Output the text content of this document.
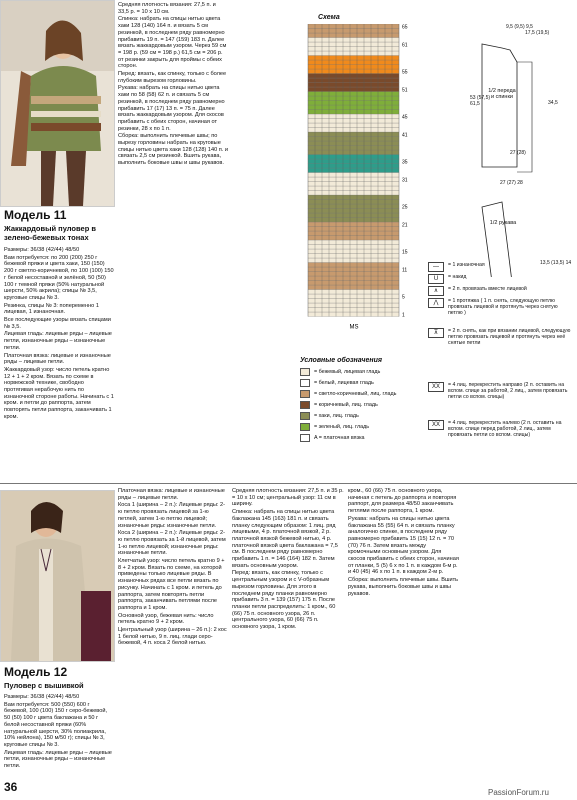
Модель 11
Жаккардовый пуловер в зелено-бежевых тонах

Размеры: 36/38 (42/44) 48/50

Вам потребуется: по 200 (200) 250 г бежевой пряжи и цвета хаки, 150 (150) 200 г светло-коричневой, по 100 (100) 150 г белой несоставной и зелёной, 50 (50) 100 г темной пряжи (50% натуральной шерсти, 50% акрила); спицы № 3,5, круговые спицы № 3.

Резинка, спицы № 3: попеременно 1 лицевая, 1 изнаночная.

Все последующие узоры вязать спицами № 3,5.

Лицевая гладь: лицевые ряды – лицевые петли, изнаночные ряды – изнаночные петли.

Платочная вязка: лицевые и изнаночные ряды – лицевые петли.

Жаккардовый узор: число петель кратно 12 + 1 + 2 кром. Вязать по схеме в норвежской технике, свободно протягивая нерабочую нить по изнаночной стороне работы. Начинать с 1 кром. и петли до раппорта, затем повторять петли раппорта, заканчивать 1 кром.

Средняя плотность вязания: 27,5 п. и 33,5 р. = 10 х 10 см.

Спинка: набрать на спицы нитью цвета хаки 128 (140) 164 п. и вязать 5 см резинкой, в последнем ряду равномерно прибавить 19 п. = 147 (159) 183 п. Далее вязать жаккардовым узором. Через 59 см = 198 р. (59 см = 198 р.) 61,5 см = 206 р. от резинки закрыть для проймы с обеих сторон.

Перед: вязать, как спинку, только с более глубоким вырезом горловины.

Рукава: набрать на спицы нитью цвета хаки по 58 (58) 62 п. и связать 5 см резинкой, в последнем ряду равномерно прибавить 17 (17) 13 п. = 75 п. Далее вязать жаккардовым узором. Для скосов прибавить с обеих сторон, начиная от резинки, 28 х по 1 п.

Сборка: выполнить плечевые швы; по вырезу горловины набрать на круговые спицы нитью цвета хаки 128 (128) 140 п. и связать 2,5 см резинкой. Вшить рукава, выполнить боковые швы и швы рукавов.

Схема
65
61
55
51
45
41
35
31
25
21
15
11
5
1
MS
1/2 переда и спинки
1/2 рукава
9,5 (9,5) 9,5
17,5 (19,5)
53 (57,5) 61,5	34,5
27 (28)
27 (27) 28
13,5 (13,5) 14
Условные обозначения
= бежевый, лицевая гладь
= белый, лицевая гладь
= светло-коричневый, лиц. гладь
= коричневый, лиц. гладь
= хаки, лиц. гладь
= зеленый, лиц. гладь
A = платочная вязка
—	= 1 изнаночная
U	= накид
∧	= 2 п. провязать вместе лицевой
⋀	= 1 протяжка ( 1 п. снять, следующую петлю провязать лицевой и протянуть через снятую петлю )
⊼	= 2 п. снять, как при вязании лицевой, следующую петлю провязать лицевой и протянуть через неё снятые петли
XX	= 4 лиц. перекрестить направо (2 п. оставить на вспом. спице за работой, 2 лиц., затем провязать петли со вспом. спицы)
XX	= 4 лиц. перекрестить налево (2 п. оставить на вспом. спице перед работой, 2 лиц., затем провязать петли со вспом. спицы)
Модель 12
Пуловер с вышивкой

Размеры: 36/38 (42/44) 48/50

Вам потребуется: 500 (550) 600 г бежевой, 100 (100) 150 г серо-бежевой, 50 (50) 100 г цвета баклажана и 50 г белой несоставной пряжи (60% натуральной шерсти, 30% полиакрила, 10% нейлона), 150 м/50 г); спицы № 3, круговые спицы № 3.

Лицевая гладь: лицевые ряды – лицевые петли, изнаночные ряды – изнаночные петли.

Платочная вязка: лицевые и изнаночные ряды – лицевые петли.

Коса 1 (ширина – 2 п.): Лицевые ряды: 2-ю петлю провязать лицевой за 1-ю петлей, затем 1-ю петлю лицевой; изнаночные ряды: изнаночные петли.

Коса 2 (ширина – 2 п.): Лицевые ряды: 2-ю петлю провязать за 1-й лицевой, затем 1-ю петлю лицевой; изнаночные ряды: изнаночные петли.

Клетчатый узор: число петель кратно 9 + 8 + 2 кром. Вязать по схеме, на которой приведены только лицевые ряды. В изнаночных рядах все петли вязать по рисунку. Начинать с 1 кром. и петель до раппорта, затем повторять петли раппорта, заканчивать петлями после раппорта и 1 кром.

Основной узор, бежевая нить: число петель кратно 9 + 2 кром.

Центральный узор (ширина – 26 п.): 2 кос 1 белой нитью, 9 п. лиц. глади серо-бежевой, 4 п. коса 2 белой нитью.

Средняя плотность вязания: 27,5 п. и 35 р. = 10 х 10 см; центральный узор: 11 см в ширину.

Спинка: набрать на спицы нитью цвета баклажана 145 (163) 181 п. и связать планку следующим образом: 1 лиц. ряд лицевыми, 4 р. платочной вязкой, 2 р. платочной вязкой бежевой нитью, 4 р. платочной вязкой цвета баклажана = 7,5 см. В последнем ряду равномерно прибавить 1 п. = 146 (164) 182 п. Затем вязать основным узором.

Перед: вязать, как спинку, только с центральным узором и с V-образным вырезом горловины. Для этого в последнем ряду планки равномерно прибавить 3 п. = 139 (157) 175 п. После планки петли распределить: 1 кром., 60 (66) 75 п. основного узора, 26 п. центрального узора, 60 (66) 75 п. основного узора, 1 кром.

кром., 60 (66) 75 п. основного узора, начиная с петель до раппорта и повторяя раппорт, для размера 48/50 заканчивать петлями после раппорта, 1 кром.

Рукава: набрать на спицы нитью цвета баклажана 55 (55) 64 п. и связать планку аналогично спинке, в последнем ряду равномерно прибавить 15 (15) 12 п. = 70 (70) 76 п. Затем вязать между кромочными основным узором. Для скосов прибавить с обеих сторон, начиная от планки, 5 (5) 6 х по 1 п. в каждом 6-м р. и 40 (45) 46 х по 1 п. в каждом 2-м р.

Сборка: выполнить плечевые швы. Вшить рукава, выполнить боковые швы и швы рукавов.

36	PassionForum.ru
